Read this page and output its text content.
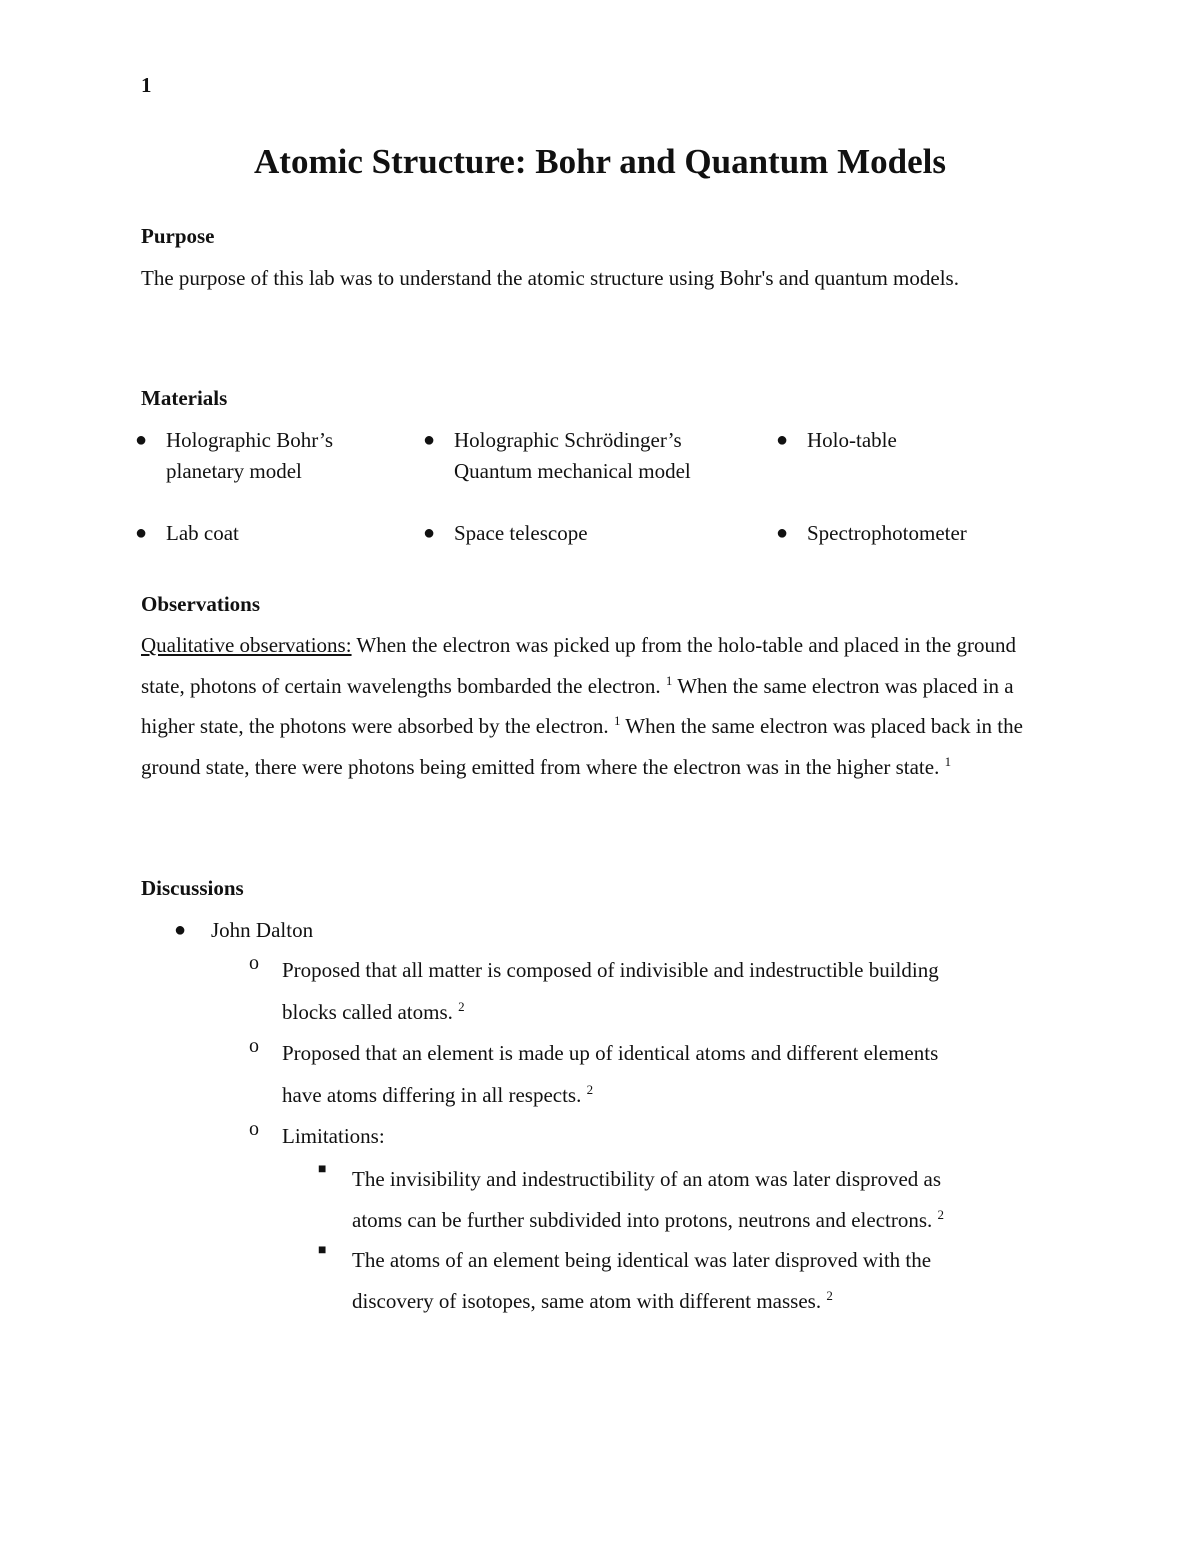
1
Atomic Structure: Bohr and Quantum Models
Purpose

The purpose of this lab was to understand the atomic structure using Bohr's and quantum models.

Materials
● Holographic Bohr’s planetary model
● Holographic Schrödinger’s Quantum mechanical model
● Holo-table
● Lab coat	● Space telescope	● Spectrophotometer
Observations

Qualitative observations: When the electron was picked up from the holo-table and placed in the ground state, photons of certain wavelengths bombarded the electron. $^1$ When the same electron was placed in a higher state, the photons were absorbed by the electron. $^1$ When the same electron was placed back in the ground state, there were photons being emitted from where the electron was in the higher state. $^1$

Discussions
● John Dalton
o Proposed that all matter is composed of indivisible and indestructible building
blocks called atoms. $^2$
o Proposed that an element is made up of identical atoms and different elements
have atoms differing in all respects. $^2$
o Limitations:
■ The invisibility and indestructibility of an atom was later disproved as
atoms can be further subdivided into protons, neutrons and electrons. $^2$
■ The atoms of an element being identical was later disproved with the
discovery of isotopes, same atom with different masses. $^2$
